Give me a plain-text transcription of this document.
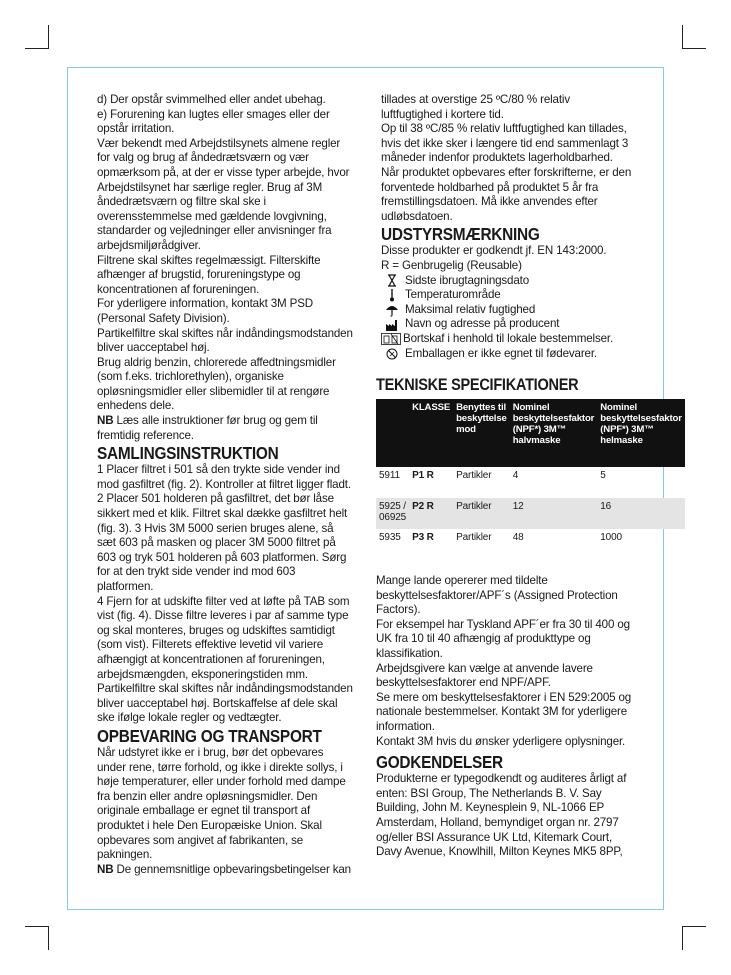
d) Der opstår svimmelhed eller andet ubehag.

e) Forurening kan lugtes eller smages eller der opstår irritation.

Vær bekendt med Arbejdstilsynets almene regler for valg og brug af åndedrætsværn og vær opmærksom på, at der er visse typer arbejde, hvor Arbejdstilsynet har særlige regler. Brug af 3M åndedrætsværn og filtre skal ske i overensstemmelse med gældende lovgivning, standarder og vejledninger eller anvisninger fra arbejdsmiljørådgiver.

Filtrene skal skiftes regelmæssigt. Filterskifte afhænger af brugstid, forureningstype og koncentrationen af forureningen.

For yderligere information, kontakt 3M PSD (Personal Safety Division).

Partikelfiltre skal skiftes når indåndingsmodstanden bliver uacceptabel høj.

Brug aldrig benzin, chlorerede affedtningsmidler (som f.eks. trichlorethylen), organiske opløsningsmidler eller slibemidler til at rengøre enhedens dele.

NB Læs alle instruktioner før brug og gem til fremtidig reference.

SAMLINGSINSTRUKTION

1 Placer filtret i 501 så den trykte side vender ind mod gasfiltret (fig. 2). Kontroller at filtret ligger fladt.

2 Placer 501 holderen på gasfiltret, det bør låse sikkert med et klik. Filtret skal dække gasfiltret helt (fig. 3). 3 Hvis 3M 5000 serien bruges alene, så sæt 603 på masken og placer 3M 5000 filtret på 603 og tryk 501 holderen på 603 platformen. Sørg for at den trykt side vender ind mod 603 platformen.

4 Fjern for at udskifte filter ved at løfte på TAB som vist (fig. 4). Disse filtre leveres i par af samme type og skal monteres, bruges og udskiftes samtidigt (som vist). Filterets effektive levetid vil variere afhængigt at koncentrationen af forureningen, arbejdsmængden, eksponeringstiden mm.

Partikelfiltre skal skiftes når indåndingsmodstanden bliver uacceptabel høj. Bortskaffelse af dele skal ske ifølge lokale regler og vedtægter.

OPBEVARING OG TRANSPORT

Når udstyret ikke er i brug, bør det opbevares under rene, tørre forhold, og ikke i direkte sollys, i høje temperaturer, eller under forhold med dampe fra benzin eller andre opløsningsmidler. Den originale emballage er egnet til transport af produktet i hele Den Europæiske Union. Skal opbevares som angivet af fabrikanten, se pakningen.

NB De gennemsnitlige opbevaringsbetingelser kan

tillades at overstige 25 ºC/80 % relativ luftfugtighed i kortere tid.

Op til 38 ºC/85 % relativ luftfugtighed kan tillades, hvis det ikke sker i længere tid end sammenlagt 3 måneder indenfor produktets lagerholdbarhed. Når produktet opbevares efter forskrifterne, er den forventede holdbarhed på produktet 5 år fra fremstillingsdatoen. Må ikke anvendes efter udløbsdatoen.

UDSTYRSMÆRKNING

Disse produkter er godkendt jf. EN 143:2000.

R = Genbrugelig (Reusable)

Sidste ibrugtagningsdato
Temperaturområde
Maksimal relativ fugtighed
Navn og adresse på producent
Bortskaf i henhold til lokale bestemmelser.
Emballagen er ikke egnet til fødevarer.
TEKNISKE SPECIFIKATIONER
	KLASSE	Benyttes til beskyttelse mod	Nominel beskyttelsesfaktor (NPF*) 3M™ halvmaske	Nominel beskyttelsesfaktor (NPF*) 3M™ helmaske
5911	P1 R	Partikler	4	5
5925 / 06925	P2 R	Partikler	12	16
5935	P3 R	Partikler	48	1000

Mange lande opererer med tildelte beskyttelsesfaktorer/APF´s (Assigned Protection Factors).

For eksempel har Tyskland APF´er fra 30 til 400 og UK fra 10 til 40 afhængig af produkttype og klassifikation.

Arbejdsgivere kan vælge at anvende lavere beskyttelsesfaktorer end NPF/APF.

Se mere om beskyttelsesfaktorer i EN 529:2005 og nationale bestemmelser. Kontakt 3M for yderligere information.

Kontakt 3M hvis du ønsker yderligere oplysninger.

GODKENDELSER

Produkterne er typegodkendt og auditeres årligt af enten: BSI Group, The Netherlands B. V. Say Building, John M. Keynesplein 9, NL-1066 EP Amsterdam, Holland, bemyndiget organ nr. 2797 og/eller BSI Assurance UK Ltd, Kitemark Court, Davy Avenue, Knowlhill, Milton Keynes MK5 8PP,
